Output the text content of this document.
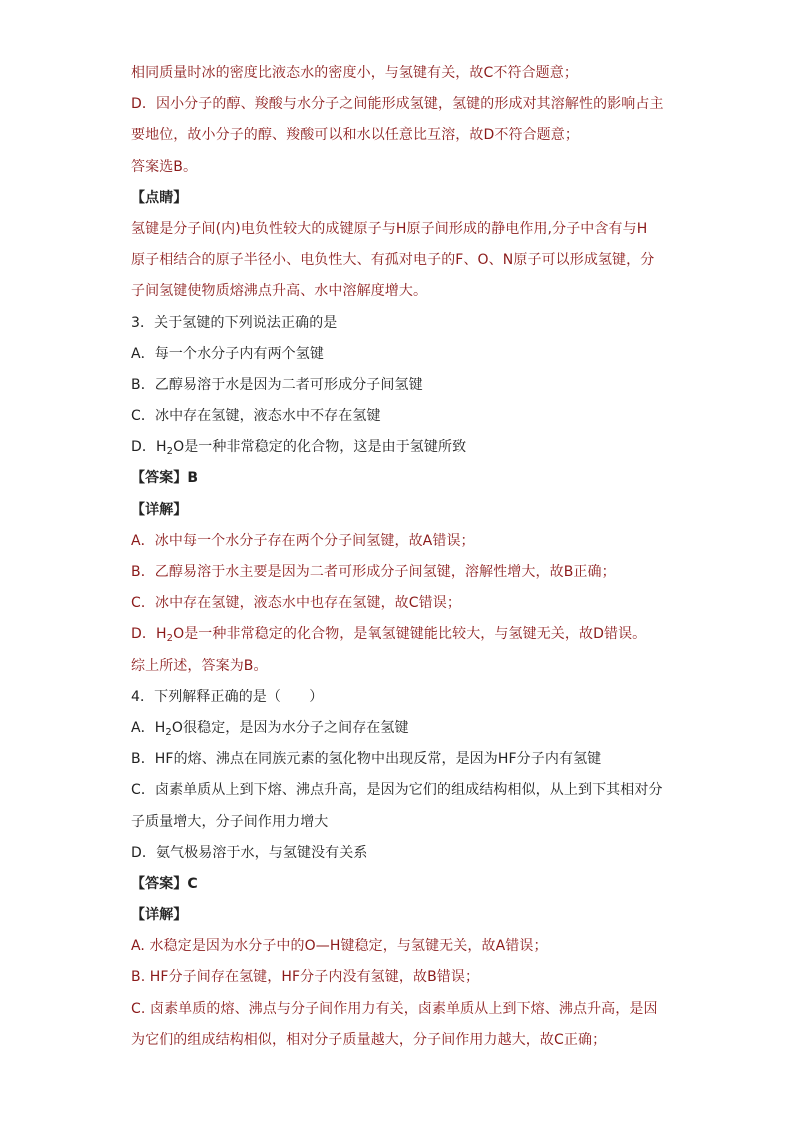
相同质量时冰的密度比液态水的密度小，与氢键有关，故C不符合题意；
D．因小分子的醇、羧酸与水分子之间能形成氢键，氢键的形成对其溶解性的影响占主
要地位，故小分子的醇、羧酸可以和水以任意比互溶，故D不符合题意；
答案选B。
【点睛】
氢键是分子间(内)电负性较大的成键原子与H原子间形成的静电作用,分子中含有与H
原子相结合的原子半径小、电负性大、有孤对电子的F、O、N原子可以形成氢键，分
子间氢键使物质熔沸点升高、水中溶解度增大。
3．关于氢键的下列说法正确的是
A．每一个水分子内有两个氢键
B．乙醇易溶于水是因为二者可形成分子间氢键
C．冰中存在氢键，液态水中不存在氢键
D．$H_2O$是一种非常稳定的化合物，这是由于氢键所致
【答案】B
【详解】
A．冰中每一个水分子存在两个分子间氢键，故A错误；
B．乙醇易溶于水主要是因为二者可形成分子间氢键，溶解性增大，故B正确；
C．冰中存在氢键，液态水中也存在氢键，故C错误；
D．$H_2O$是一种非常稳定的化合物，是氧氢键键能比较大，与氢键无关，故D错误。
综上所述，答案为B。
4．下列解释正确的是（　　）
A．$H_2O$很稳定，是因为水分子之间存在氢键
B．HF的熔、沸点在同族元素的氢化物中出现反常，是因为HF分子内有氢键
C．卤素单质从上到下熔、沸点升高，是因为它们的组成结构相似，从上到下其相对分
子质量增大，分子间作用力增大
D．氨气极易溶于水，与氢键没有关系
【答案】C
【详解】
A. 水稳定是因为水分子中的O—H键稳定，与氢键无关，故A错误；
B. HF分子间存在氢键，HF分子内没有氢键，故B错误；
C. 卤素单质的熔、沸点与分子间作用力有关，卤素单质从上到下熔、沸点升高，是因
为它们的组成结构相似，相对分子质量越大，分子间作用力越大，故C正确；
